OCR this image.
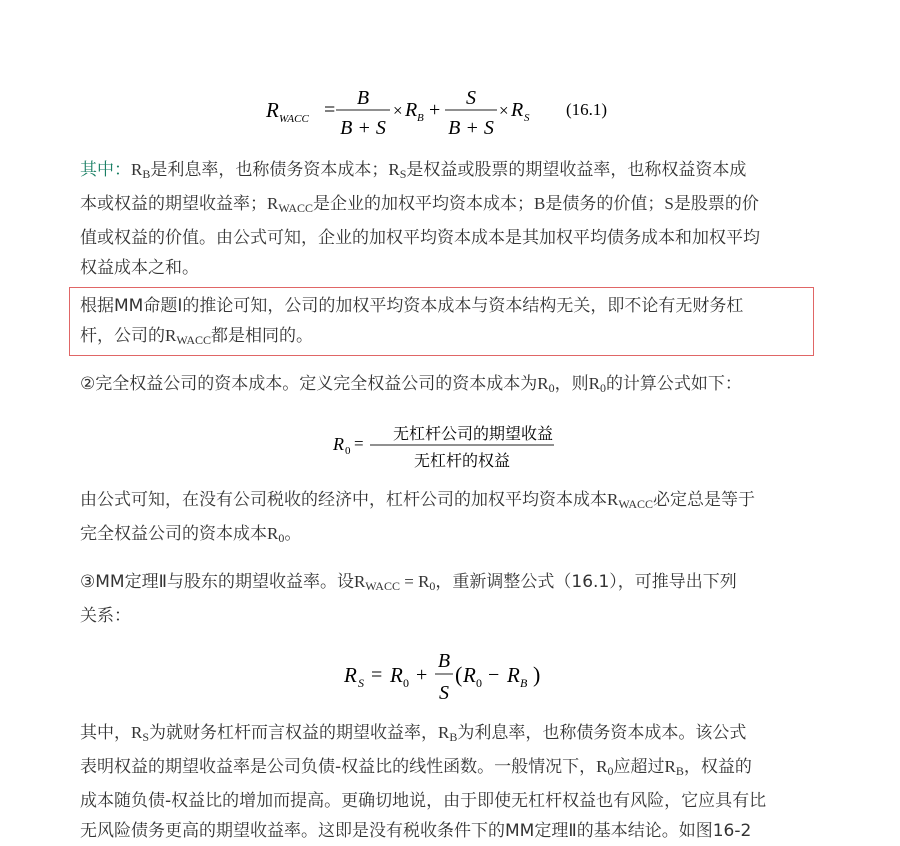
R WACC =
B
B + S
× R B +
S
B + S
× R S (16.1)

其中：$R_B$是利息率，也称债务资本成本；$R_S$是权益或股票的期望收益率，也称权益资本成

本或权益的期望收益率；$R_{WACC}$是企业的加权平均资本成本；B是债务的价值；S是股票的价

值或权益的价值。由公式可知，企业的加权平均资本成本是其加权平均债务成本和加权平均

权益成本之和。

根据MM命题Ⅰ的推论可知，公司的加权平均资本成本与资本结构无关，即不论有无财务杠

杆，公司的$R_{WACC}$都是相同的。

②完全权益公司的资本成本。定义完全权益公司的资本成本为$R_0$，则$R_0$的计算公式如下：

由公式可知，在没有公司税收的经济中，杠杆公司的加权平均资本成本$R_{WACC}$必定总是等于

完全权益公司的资本成本$R_0$。

③MM定理Ⅱ与股东的期望收益率。设$R_{WACC} = R_0$，重新调整公式（16.1），可推导出下列

关系：

其中，$R_S$为就财务杠杆而言权益的期望收益率，$R_B$为利息率，也称债务资本成本。该公式

表明权益的期望收益率是公司负债-权益比的线性函数。一般情况下，$R_0$应超过$R_B$，权益的

成本随负债-权益比的增加而提高。更确切地说，由于即使无杠杆权益也有风险，它应具有比

无风险债务更高的期望收益率。这即是没有税收条件下的MM定理Ⅱ的基本结论。如图16-2

R 0 =
无杠杆公司的期望收益
无杠杆的权益
R S = R 0 +
B
S
( R 0 − R B )
